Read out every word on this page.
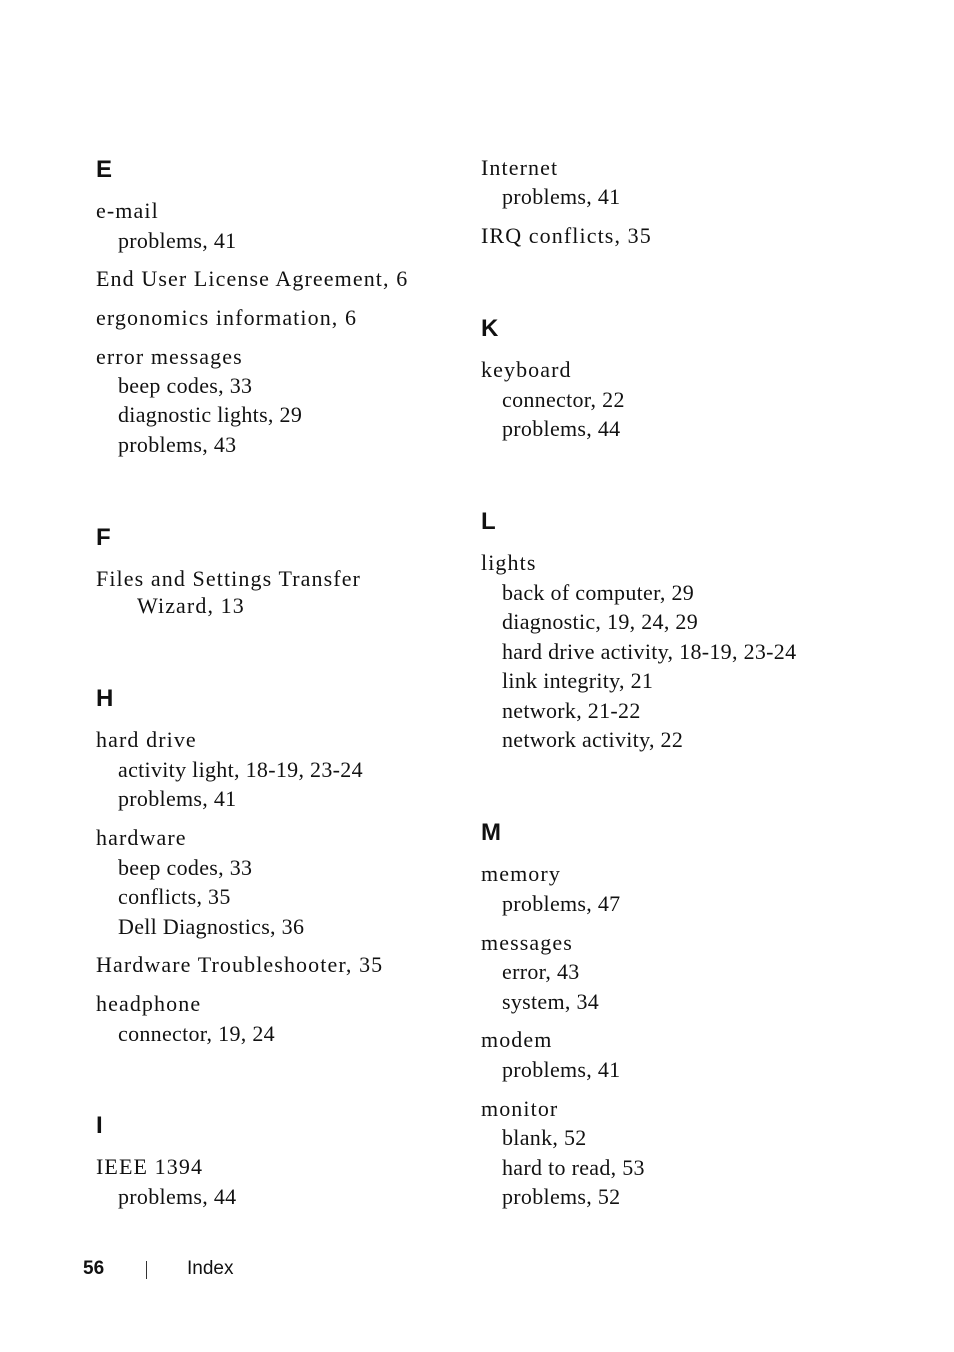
E
e-mail
problems, 41
End User License Agreement, 6
ergonomics information, 6
error messages
beep codes, 33
diagnostic lights, 29
problems, 43
F
Files and Settings Transfer
Wizard, 13
H
hard drive
activity light, 18-19, 23-24
problems, 41
hardware
beep codes, 33
conflicts, 35
Dell Diagnostics, 36
Hardware Troubleshooter, 35
headphone
connector, 19, 24
I
IEEE 1394
problems, 44
Internet
problems, 41
IRQ conflicts, 35
K
keyboard
connector, 22
problems, 44
L
lights
back of computer, 29
diagnostic, 19, 24, 29
hard drive activity, 18-19, 23-24
link integrity, 21
network, 21-22
network activity, 22
M
memory
problems, 47
messages
error, 43
system, 34
modem
problems, 41
monitor
blank, 52
hard to read, 53
problems, 52
56	Index
